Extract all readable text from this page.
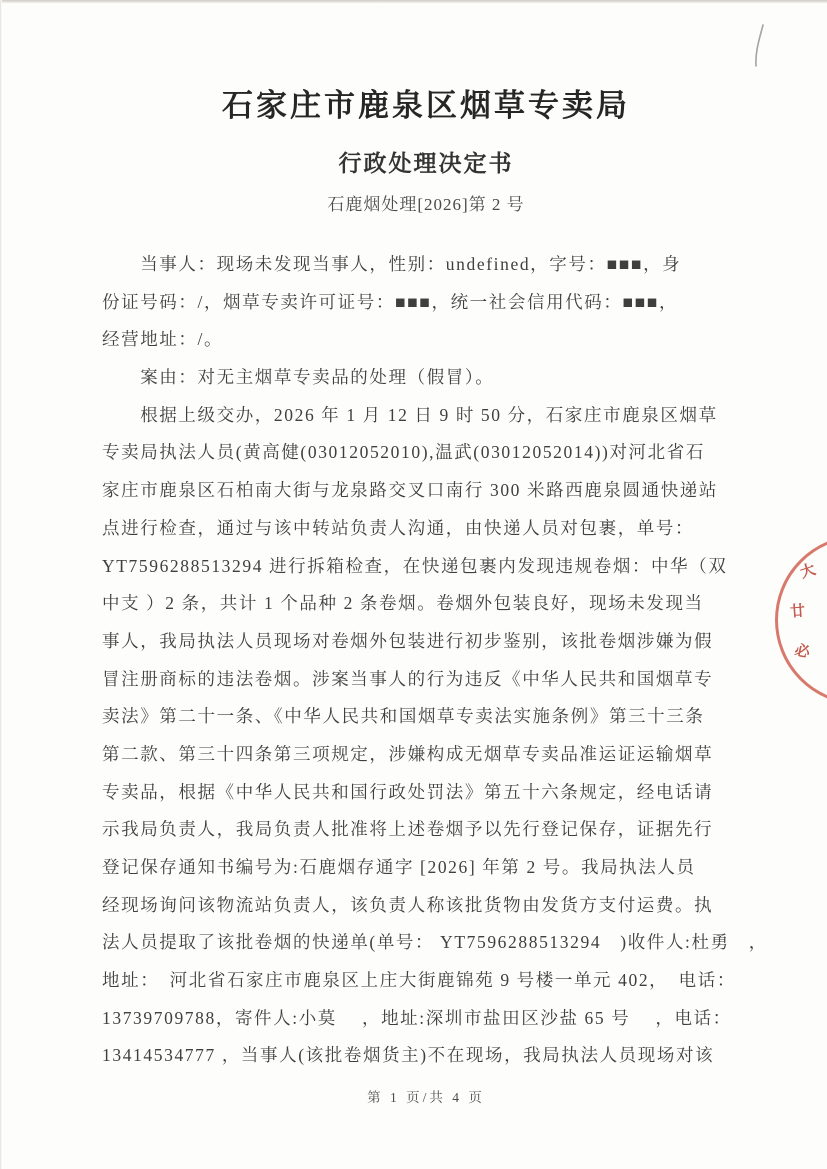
石家庄市鹿泉区烟草专卖局
行政处理决定书
石鹿烟处理[2026]第 2 号
　　当事人：现场未发现当事人，性别：undefined，字号：■■■，身
份证号码：/，烟草专卖许可证号：■■■，统一社会信用代码：■■■，
经营地址：/。
　　案由：对无主烟草专卖品的处理（假冒）。
　　根据上级交办，2026 年 1 月 12 日 9 时 50 分，石家庄市鹿泉区烟草
专卖局执法人员(黄高健(03012052010),温武(03012052014))对河北省石
家庄市鹿泉区石柏南大街与龙泉路交叉口南行 300 米路西鹿泉圆通快递站
点进行检查，通过与该中转站负责人沟通，由快递人员对包裹，单号：
YT7596288513294 进行拆箱检查，在快递包裹内发现违规卷烟：中华（双
中支 ）2 条，共计 1 个品种 2 条卷烟。卷烟外包装良好，现场未发现当
事人，我局执法人员现场对卷烟外包装进行初步鉴别，该批卷烟涉嫌为假
冒注册商标的违法卷烟。涉案当事人的行为违反《中华人民共和国烟草专
卖法》第二十一条、《中华人民共和国烟草专卖法实施条例》第三十三条
第二款、第三十四条第三项规定，涉嫌构成无烟草专卖品准运证运输烟草
专卖品，根据《中华人民共和国行政处罚法》第五十六条规定，经电话请
示我局负责人，我局负责人批准将上述卷烟予以先行登记保存，证据先行
登记保存通知书编号为:石鹿烟存通字 [2026] 年第 2 号。我局执法人员
经现场询问该物流站负责人，该负责人称该批货物由发货方支付运费。执
法人员提取了该批卷烟的快递单(单号： YT7596288513294　)收件人:杜勇　，
地址：　河北省石家庄市鹿泉区上庄大街鹿锦苑 9 号楼一单元 402，　电话：
13739709788，寄件人:小莫　 ，地址:深圳市盐田区沙盐 65 号　 ，电话：
13414534777 ，当事人(该批卷烟货主)不在现场，我局执法人员现场对该
第 1 页/共 4 页
大
廿
必
